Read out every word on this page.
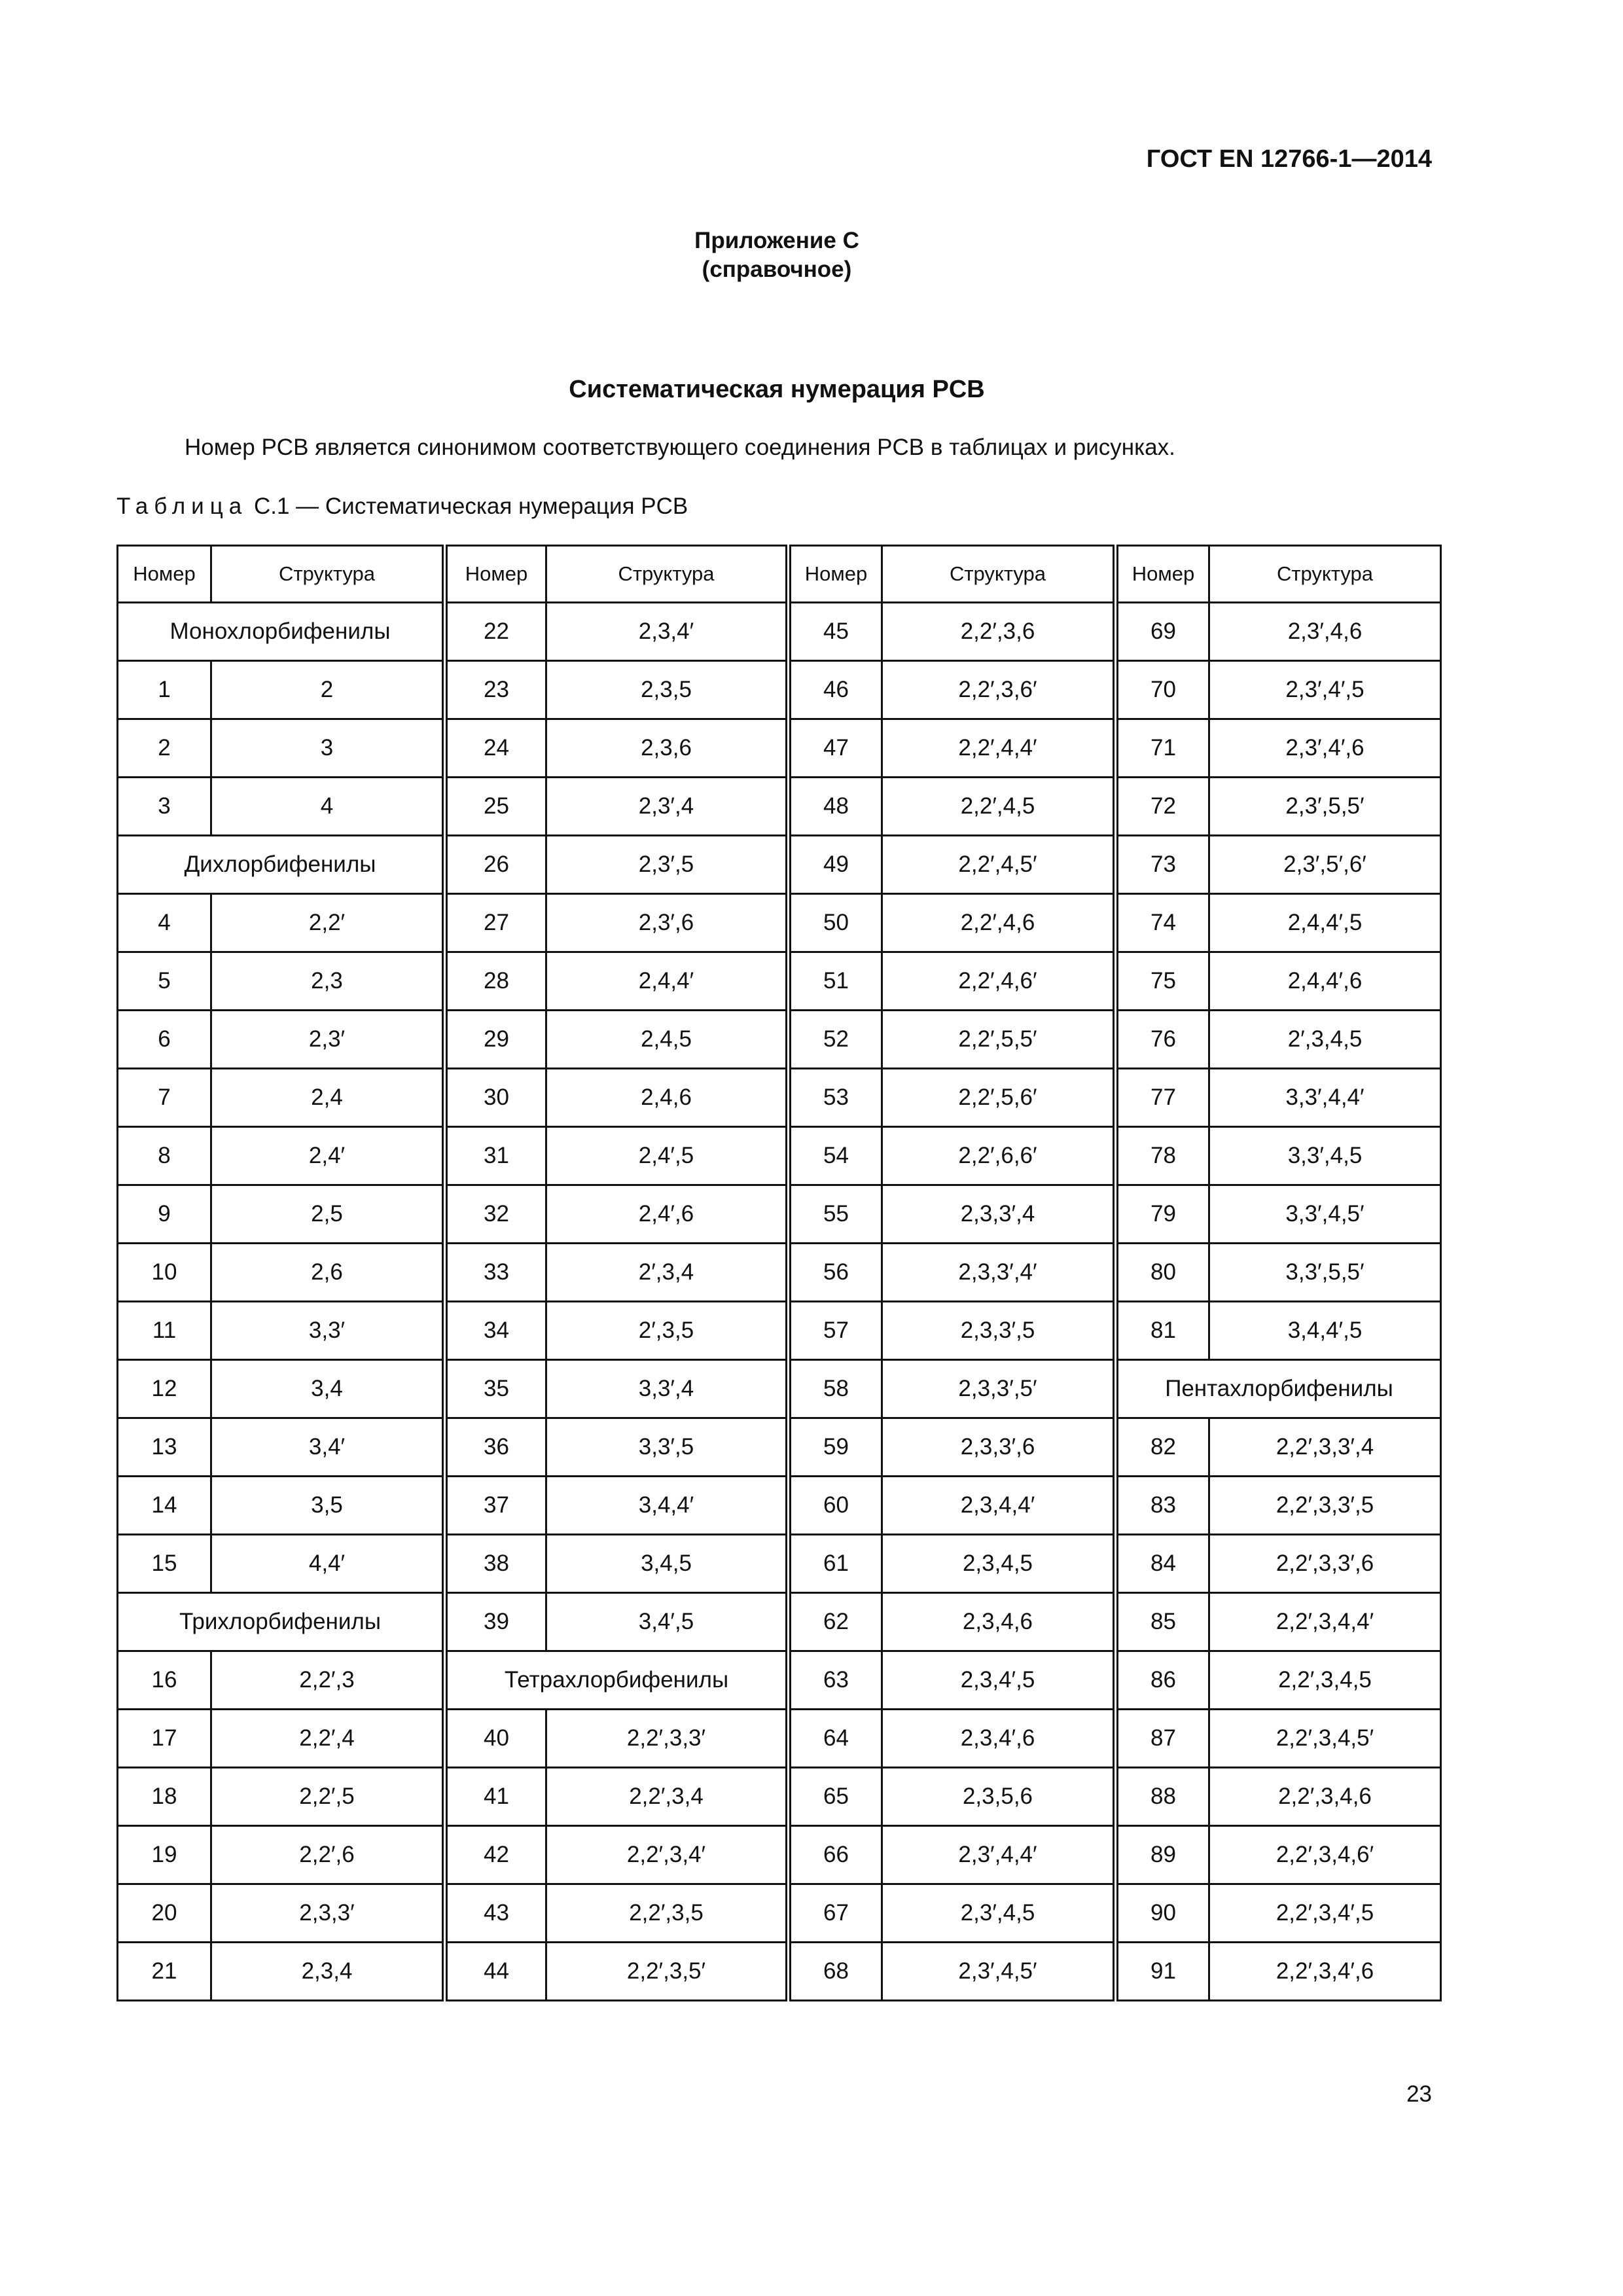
ГОСТ EN 12766-1—2014
Приложение С
(справочное)
Систематическая нумерация PCB
Номер PCB является синонимом соответствующего соединения PCB в таблицах и рисунках.
Таблица С.1 — Систематическая нумерация PCB
Номер	Структура	Номер	Структура	Номер	Структура	Номер	Структура
Монохлорбифенилы		22	2,3,4′	45	2,2′,3,6	69	2,3′,4,6
1	2	23	2,3,5	46	2,2′,3,6′	70	2,3′,4′,5
2	3	24	2,3,6	47	2,2′,4,4′	71	2,3′,4′,6
3	4	25	2,3′,4	48	2,2′,4,5	72	2,3′,5,5′
Дихлорбифенилы		26	2,3′,5	49	2,2′,4,5′	73	2,3′,5′,6′
4	2,2′	27	2,3′,6	50	2,2′,4,6	74	2,4,4′,5
5	2,3	28	2,4,4′	51	2,2′,4,6′	75	2,4,4′,6
6	2,3′	29	2,4,5	52	2,2′,5,5′	76	2′,3,4,5
7	2,4	30	2,4,6	53	2,2′,5,6′	77	3,3′,4,4′
8	2,4′	31	2,4′,5	54	2,2′,6,6′	78	3,3′,4,5
9	2,5	32	2,4′,6	55	2,3,3′,4	79	3,3′,4,5′
10	2,6	33	2′,3,4	56	2,3,3′,4′	80	3,3′,5,5′
11	3,3′	34	2′,3,5	57	2,3,3′,5	81	3,4,4′,5
12	3,4	35	3,3′,4	58	2,3,3′,5′	Пентахлорбифенилы	
13	3,4′	36	3,3′,5	59	2,3,3′,6	82	2,2′,3,3′,4
14	3,5	37	3,4,4′	60	2,3,4,4′	83	2,2′,3,3′,5
15	4,4′	38	3,4,5	61	2,3,4,5	84	2,2′,3,3′,6
Трихлорбифенилы		39	3,4′,5	62	2,3,4,6	85	2,2′,3,4,4′
16	2,2′,3	Тетрахлорбифенилы		63	2,3,4′,5	86	2,2′,3,4,5
17	2,2′,4	40	2,2′,3,3′	64	2,3,4′,6	87	2,2′,3,4,5′
18	2,2′,5	41	2,2′,3,4	65	2,3,5,6	88	2,2′,3,4,6
19	2,2′,6	42	2,2′,3,4′	66	2,3′,4,4′	89	2,2′,3,4,6′
20	2,3,3′	43	2,2′,3,5	67	2,3′,4,5	90	2,2′,3,4′,5
21	2,3,4	44	2,2′,3,5′	68	2,3′,4,5′	91	2,2′,3,4′,6
23
